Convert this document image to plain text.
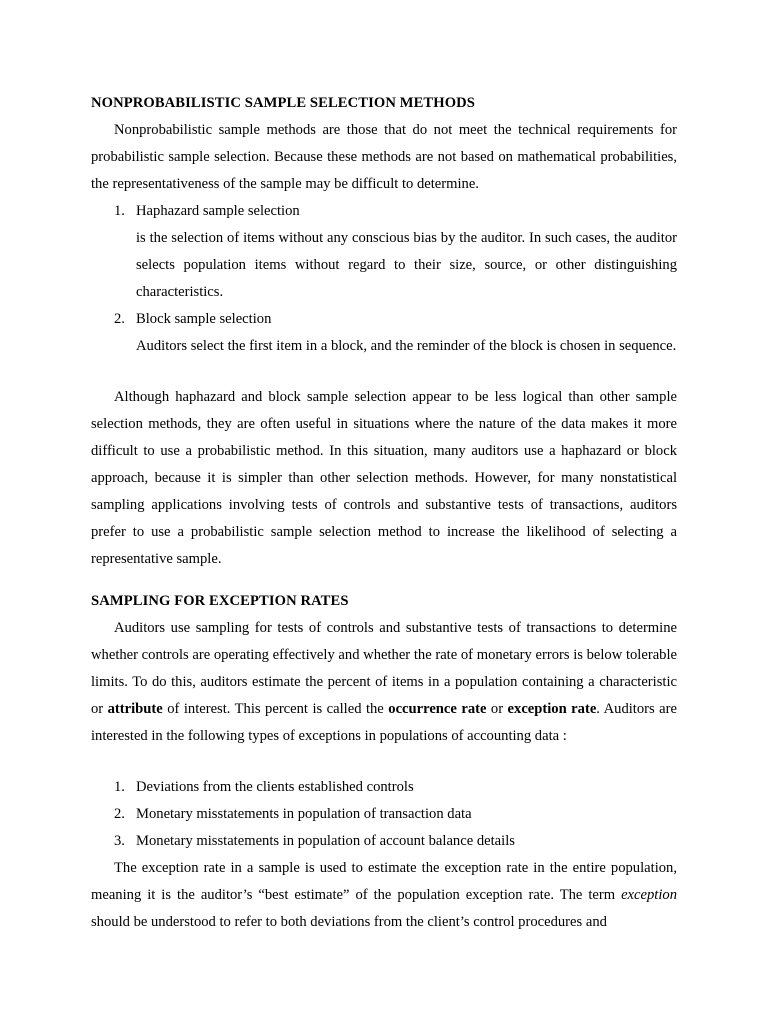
NONPROBABILISTIC SAMPLE SELECTION METHODS
Nonprobabilistic sample methods are those that do not meet the technical requirements for probabilistic sample selection. Because these methods are not based on mathematical probabilities, the representativeness of the sample may be difficult to determine.
1. Haphazard sample selection
is the selection of items without any conscious bias by the auditor. In such cases, the auditor selects population items without regard to their size, source, or other distinguishing characteristics.
2. Block sample selection
Auditors select the first item in a block, and the reminder of the block is chosen in sequence.
Although haphazard and block sample selection appear to be less logical than other sample selection methods, they are often useful in situations where the nature of the data makes it more difficult to use a probabilistic method. In this situation, many auditors use a haphazard or block approach, because it is simpler than other selection methods. However, for many nonstatistical sampling applications involving tests of controls and substantive tests of transactions, auditors prefer to use a probabilistic sample selection method to increase the likelihood of selecting a representative sample.
SAMPLING FOR EXCEPTION RATES
Auditors use sampling for tests of controls and substantive tests of transactions to determine whether controls are operating effectively and whether the rate of monetary errors is below tolerable limits. To do this, auditors estimate the percent of items in a population containing a characteristic or attribute of interest. This percent is called the occurrence rate or exception rate. Auditors are interested in the following types of exceptions in populations of accounting data :
1. Deviations from the clients established controls
2. Monetary misstatements in population of transaction data
3. Monetary misstatements in population of account balance details
The exception rate in a sample is used to estimate the exception rate in the entire population, meaning it is the auditor’s “best estimate” of the population exception rate. The term exception should be understood to refer to both deviations from the client’s control procedures and
